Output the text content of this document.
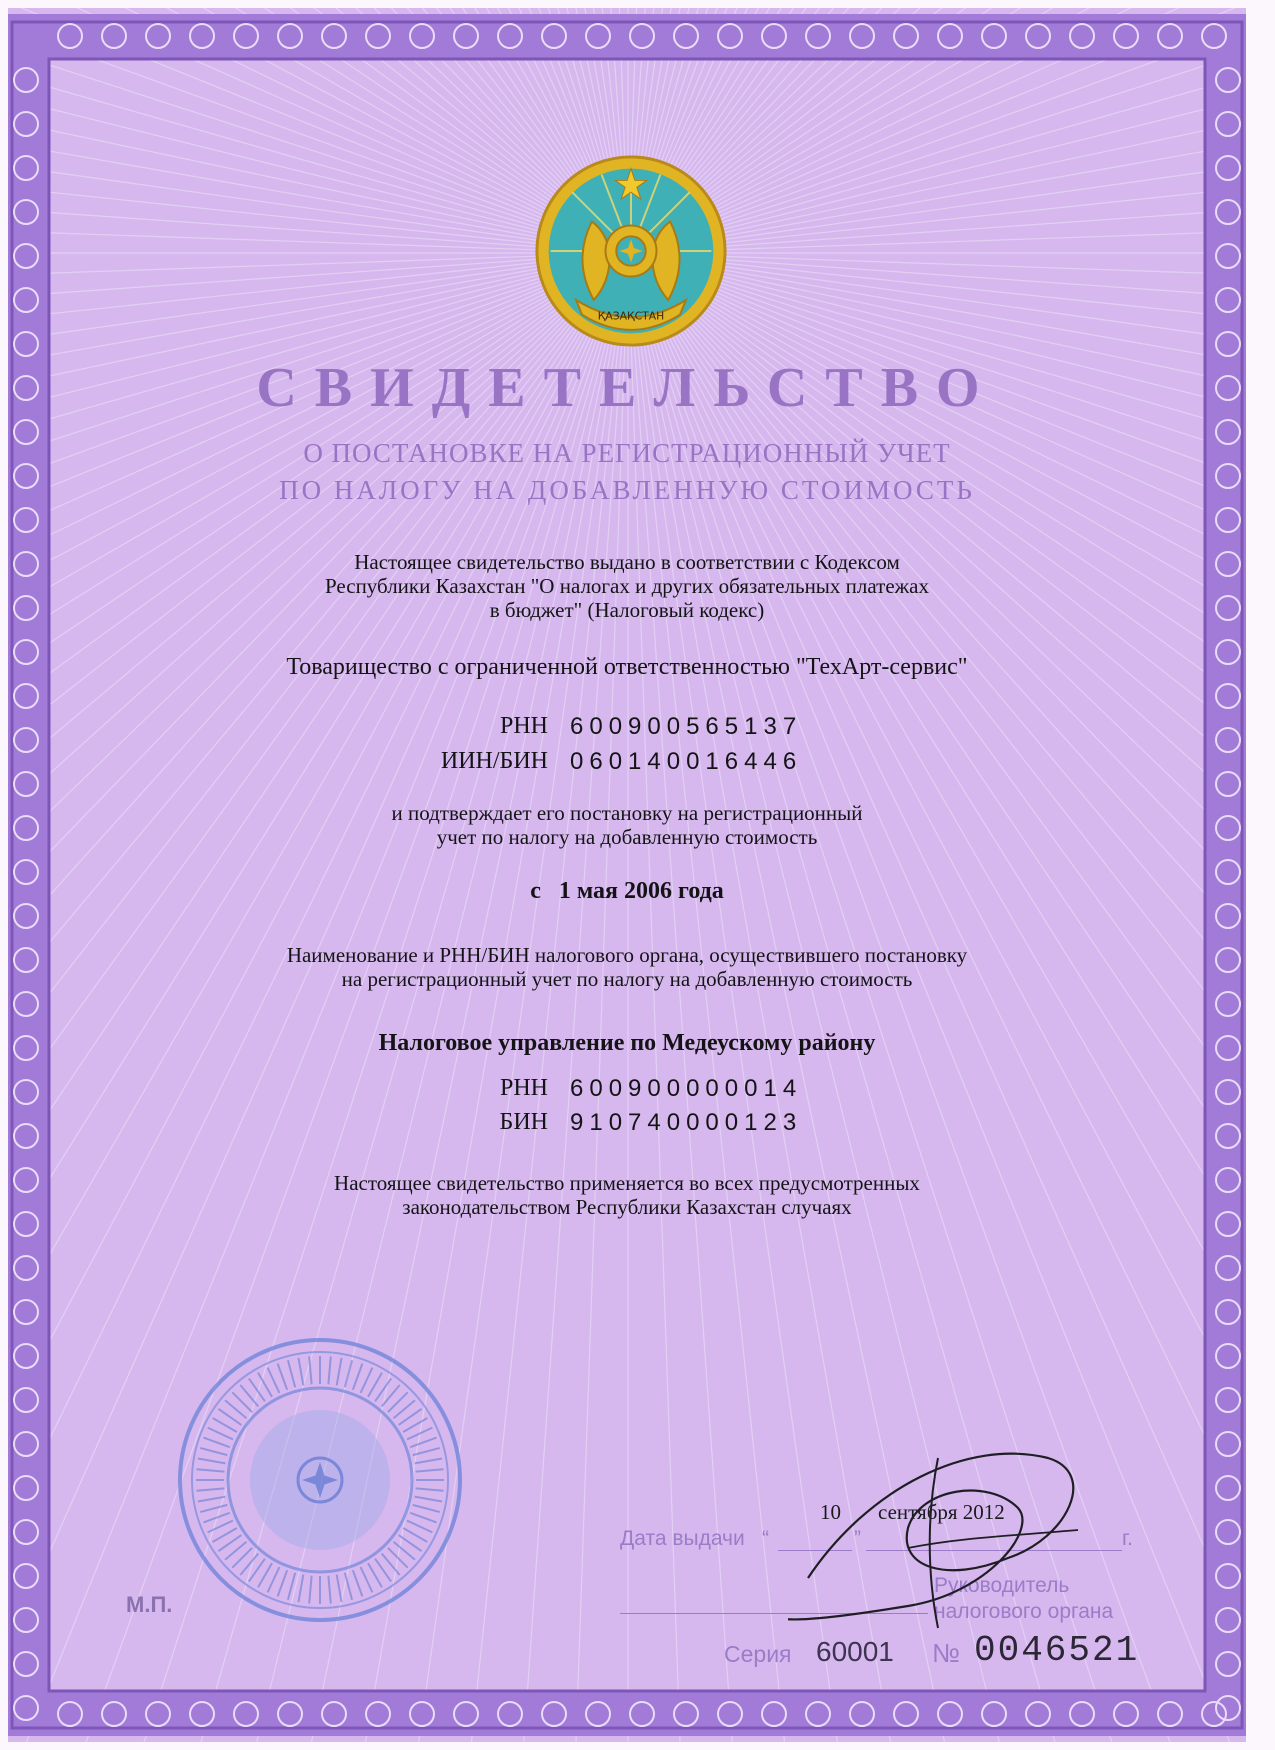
ҚАЗАҚСТАН
СВИДЕТЕЛЬСТВО
О ПОСТАНОВКЕ НА РЕГИСТРАЦИОННЫЙ УЧЕТ
ПО НАЛОГУ НА ДОБАВЛЕННУЮ СТОИМОСТЬ
Настоящее свидетельство выдано в соответствии с Кодексом
Республики Казахстан "О налогах и других обязательных платежах
в бюджет" (Налоговый кодекс)
Товарищество с ограниченной ответственностью "ТехАрт-сервис"
РНН 600900565137
ИИН/БИН 060140016446
и подтверждает его постановку на регистрационный
учет по налогу на добавленную стоимость
с   1 мая 2006 года
Наименование и РНН/БИН налогового органа, осуществившего постановку
на регистрационный учет по налогу на добавленную стоимость
Налоговое управление по Медеускому району
РНН 600900000014
БИН 910740000123
Настоящее свидетельство применяется во всех предусмотренных
законодательством Республики Казахстан случаях
М.П.
10 сентября 2012
Дата выдачи “	”	г.
Руководитель
налогового органа
Серия 60001 № 0046521
